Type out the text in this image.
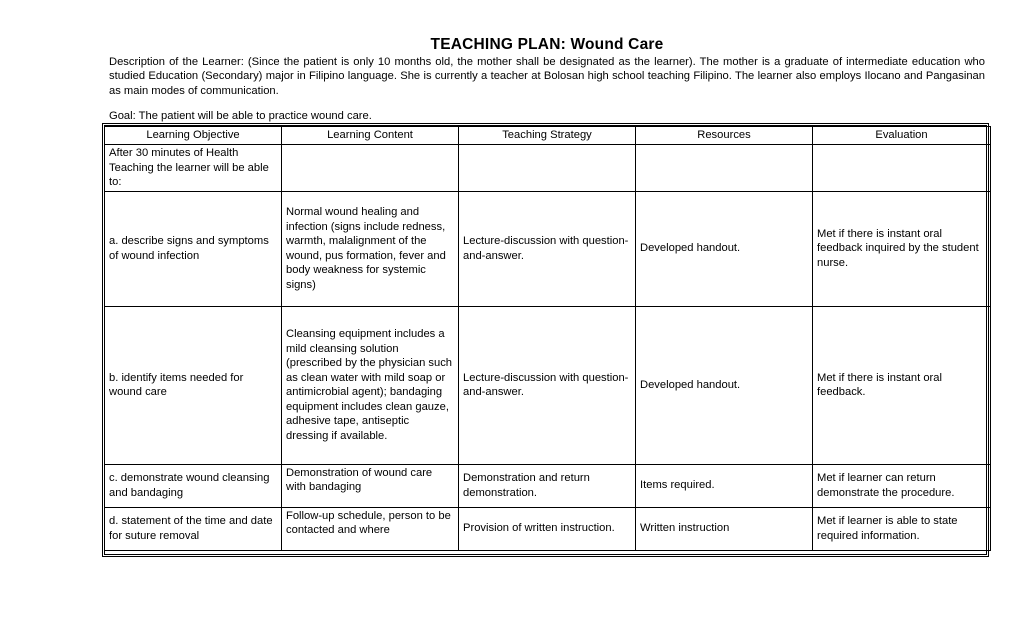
TEACHING PLAN: Wound Care
Description of the Learner: (Since the patient is only 10 months old, the mother shall be designated as the learner). The mother is a graduate of intermediate education who studied Education (Secondary) major in Filipino language. She is currently a teacher at Bolosan high school teaching Filipino. The learner also employs Ilocano and Pangasinan as main modes of communication.
Goal: The patient will be able to practice wound care.
Learning Objective	Learning Content	Teaching Strategy	Resources	Evaluation
After 30 minutes of Health Teaching the learner will be able to:				
a. describe signs and symptoms of wound infection	Normal wound healing and infection (signs include redness, warmth, malalignment of the wound, pus formation, fever and body weakness for systemic signs)	Lecture-discussion with question-and-answer.	Developed handout.	Met if there is instant oral feedback inquired by the student nurse.
b. identify items needed for wound care	Cleansing equipment includes a mild cleansing solution (prescribed by the physician such as clean water with mild soap or antimicrobial agent); bandaging equipment includes clean gauze, adhesive tape, antiseptic dressing if available.	Lecture-discussion with question-and-answer.	Developed handout.	Met if there is instant oral feedback.
c. demonstrate wound cleansing and bandaging	Demonstration of wound care with bandaging	Demonstration and return demonstration.	Items required.	Met if learner can return demonstrate the procedure.
d. statement of the time and date for suture removal	Follow-up schedule, person to be contacted and where	Provision of written instruction.	Written instruction	Met if learner is able to state required information.
